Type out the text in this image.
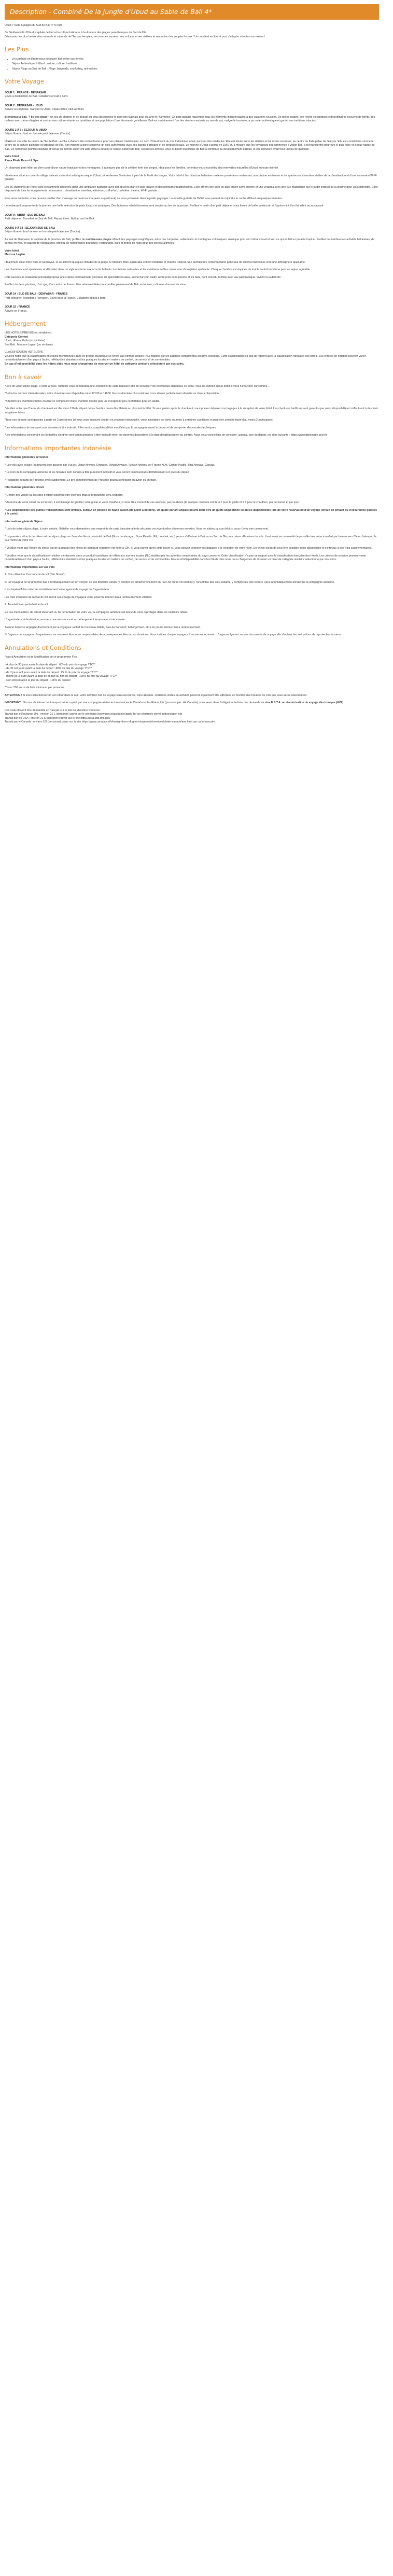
Description - Combiné De la Jungle d'Ubud au Sable de Bali 4*

Ubud 7 nuits & plages du Sud de Bali 4* 5 nuits

De l'Authenticité d'Ubud, capitale de l'art et la culture balinaise à la douceur des plages paradisiaques du Sud de l'île.
Découvrez les plus beaux sites naturels et culturels de l'île, ses temples, ses sources sacrées, ses volcans et ses rizières et rencontrez les peuples locaux ! Un combiné es libérté pour s'adapter à toutes vos envies !

Les Plus
• Un combiné en liberté pour découvrir Bali selon vos envies
• Séjour Authentique à Ubud : nature, culture, traditions
• Séjour Plage au Sud de Bali : Plage, baignade, snorkeling, animations
Votre Voyage
JOUR 1 : FRANCE - DENPASAR

Envol à destination de Bali. Collations et nuit à bord.

JOUR 2 : DENPASAR - UBUD

Arrivée à Denpasar. Transfert à Ubud. Repas libres. Nuit à l'hôtel.

Bienvenue à Bali, "l'île des dieux", un lieu de charme et de beauté où vous découvrirez le goût des Balinais pour les arts et l'harmonie. Ce petit paradis rassemble tous les éléments indispensables à des vacances réussies. De belles plages, des reliefs volcaniques extraordinaires couverts de forêts, des collines aux rizières étagées et surtout une culture vivante au quotidien et une population d'une étonnante gentillesse. Bali est certainement l'un des derniers endroits au monde qui, malgré le tourisme, a pu rester authentique et garder ses traditions intactes.

JOURS 2 À 9 : SEJOUR À UBUD

Séjour libre à Ubud en formule petit déjeuner (7 nuits).

Ubud est une ville du centre de l'île de Bali. La ville a d'abord été un lieu fameux pour ses plantes médicinales. Le nom d'Ubud vient du mot indonésien ubad, qui veut dire médecine. Elle est située entre les rizières et les ravins escarpés, au centre du Kabupaten de Gianyar. Elle est considérée comme le centre de la culture balinaise et artistique de l'île. Son marché a donc conservé un côté authentique avec ses stands d'artisans et de produits locaux. Le marché d'Ubud s'anime en 1960 et, à mesure que les voyageurs ont commencé à visiter Bali, s'est transformé pour être le plus riche et le plus rapide de Bali. De nombreux peintres balinais et venus du monde entier ont aidé Ubud à devenir le centre culturel de Bali. Depuis les années 1960, le boom touristique de Bali a contribué au développement d'Ubud, et elle demeure avant tout un lieu de quiétude.

Votre hôtel
Rama Phala Resort & Spa

Un charmant petit hôtel en plein cœur d'une nature tropicale et des montagnes, à quelques pas de la célèbre forêt des singes. Idéal pour les familles, détendez-vous et profitez des merveilles naturelles d'Ubud en toute intimité.

Idéalement situé au cœur du village balinais culturel et artistique unique d'Ubud, et seulement 5 minutes à pied de la Forêt des singes. Votre hôtel à l'architecture balinaise moderne possède un restaurant, une piscine extérieure et de spacieuses chambres dotées de la climatisation et d'une connexion Wi-Fi gratuite.

Les 36 chambres de l'hôtel sont élégamment décorées dans une ambiance balinaise avec des œuvres d'art en bois locales et des peintures traditionnelles. Elles offrent une salle de bain privée semi-ouverte et une véranda avec une vue magnifique sur le jardin tropical ou la piscine pour vous détendre. Elles disposent de tous les équipements nécessaires : climatisation, mini-bar, télévision, coffre-fort, cafetière, théière, Wi-Fi gratuite...

Pour vous détendre, vous pourrez profiter d'un massage corporel au spa (avec supplément) ou vous promener dans le jardin paysager. La navette gratuite de l'hôtel vous permet de rejoindre le centre d'Ubud en quelques minutes.

Le restaurant propose toute la journée une belle sélection de plats locaux et asiatiques. Des boissons rafraîchissantes sont servies au bar de la piscine. Profitez le matin d'un petit déjeuner sous forme de buffet américain et l'après-midi d'un thé offert au restaurant.

JOUR 9 : UBUD - SUD DE BALI

Petit déjeuner. Transfert au Sud de Bali. Repas libres. Nuit au sud de Bali.

JOURS 9 À 14 : SEJOUR SUD DE BALI

Séjour libre en bord de mer en formule petit-déjeuner (5 nuits).

Au sud de Denpasar, la capitale de la province de Bali, profitez de nombreuses plages offrant des paysages magnifiques, entre mer turquoise, sable blanc et montagnes volcaniques, ainsi que pour son climat chaud et sec, ce qui en fait un paradis tropical. Profitez de nombreuses activités balnéaires, de sorties en ville, en bateau de villégiatures, profitez de nombreuses boutiques, restaurants, bars et boîtes de nuits pour des soirées animées.

Votre hôtel
Mercure Legian

Idéalement situé entre Kuta et Seminyak, et seulement quelques minutes de la plage, le Mercure Bali Legian allie confort moderne et charme tropical. Son architecture contemporaine ponctuée de touches balinaises crée une atmosphère apaisante.

Les chambres sont spacieuses et décorées dans un style moderne aux accents balinais. Les teintes naturelles et les matériaux nobles créent une atmosphère apaisante. Chaque chambre est équipée de tout le confort moderne pour un séjour agréable.

Côté saveurs, le restaurant principal propose une cuisine internationale ponctuée de spécialités locales, servie dans un cadre zébré près de la piscine et les bars, dont celui du rooftop avec vue panoramique, invitent à la détente.

Profitez de deux piscines, d'un spa, d'un centre de fitness. Une adresse idéale pour profiter pleinement de Bali, entre mer, culture et douceur de vivre.

JOUR 14 : SUD DE BALI - DENPASAR - FRANCE

Petit déjeuner. Transfert à l'aéroport. Envol pour la France. Collations et nuit à bord.

JOUR 15 : FRANCE

Arrivée en France.

Hébergement

LES HOTELS PREVUS (ou similaires)
Catégorie Confort
Ubud : Rama Phala (ou similaire)
Sud Bali : Mercure Legian (ou similaire)

CLASSIFICATION HOTELIÈRE
Veuillez noter que la classification en étoiles mentionnées dans ce produit touristique se réfère aux normes locales (NL) établies par les autorités compétentes du pays concerné. Cette classification n'a pas de rapport avec la classification française des hôtels. Les critères de notation peuvent varier considérablement d'un pays à l'autre, reflétant les standards et les pratiques locales en matière de confort, de service et de commodités.
En cas d'indisponibilité dans les hôtels cités nous nous chargerons de réserver un hôtel de catégorie similaire sélectionné par nos soins.

Bon à savoir

*Lors de votre séjour plage, à votre arrivée, l'hôtelier vous demandera une empreinte de carte bancaire afin de sécuriser vos éventuelles dépenses en extra. Vous ne subirez aucun débit si vous n'avez rien consommé...

*Selon les normes internationales, votre chambre sera disponible entre 12h30 et 14h00. En cas d'arrivée plus matinale, vous devrez partiellement attendre sa mise à disposition.

*Attention les chambres triples en Asie se composent d'une chambre double plus un lit d'appoint peu confortable pour un adulte.

*Veuillez noter que l'heure du check-out est d'environ 12h (le départ de la chambre devra être libérée au plus tard à 12h). Si vous partez après le check-out, vous pouvez déposer vos bagages à la réception de votre hôtel. Les check-out tardifs ne sont garantis que selon disponibilité et s'effectuent à des frais supplémentaires.

*Tous nos départs sont garantis à partir de 2 personnes (si vous vous inscrivez seul(e) en chambre individuelle, votre inscription est donc soumise à certaines conditions et peut être annulée faute d'au moins 2 participants).

*Les informations de transport sont données à titre indicatif. Elles sont susceptibles d'être modifiées par la compagnie avant le départ et de comporter des escales techniques.

*Les informations concernant les formalités d'entrée sont communiquées à titre indicatif selon les données disponibles à la date d'établissement du contrat. Nous vous conseillons de consulter, jusqu'au jour du départ, les sites suivants : https://www.diplomatie.gouv.fr

Informations importantes Indonésie

Informations générales aériennes

* Les vols avec escale (s) peuvent être assurés par Eva Air, Qatar Airways, Emirates, Etihad Airways, Turkish Airlines, Air France KLM, Cathay Pacific, Thai Airways, Garuda.

* Le nom de la compagnie aérienne et les horaires sont donnés à titre purement indicatif et vous seront communiqués définitivement à 8 jours du départ

* Possibilité départs de Province avec supplément. Le pré acheminement de Province pourra s'effectuer en avion ou en train.

Informations générales circuit

* L'ordre des visites ou les sites d'intérêt pourront être inversés mais le programme sera respecté.

* Au terme de votre circuit ou excursion, il est d'usage de gratifier votre guide et votre chauffeur, si vous êtes content de ses services, par pourboire (la pratique courante est de 4 € pour le guide et 2 € pour le chauffeur, par personne et par jour).

* Les disponibilités des guides francophones sont limitées, surtout en période de haute saison (de juillet à octobre). Un guide parlant anglais pourra donc être un guide anglophone selon les disponibilités lors de votre réservation d'un voyage (circuit en privatif ou d'excursions guidées à la carte).

Informations générale Séjour

* Lors de votre séjour plage, à votre arrivée, l'hôtelier vous demandera une empreinte de carte bancaire afin de sécuriser vos éventuelles dépenses en extra. Vous ne subirez aucun débit si vous n'avez rien consommé.

* La première et/ou la dernière nuit de séjour plage sur l'axe des îles à proximité de Bali (Nusa Lembongan, Nusa Penida, Gili, Lombok, etc.) pourra s'effectuer à Bali ou au Sud de l'île pour raison d'horaires de vols. Il est aussi recommandé de pas effectuer votre transfert par bateau vers l'île ou l'aéroport le jour même de votre vol.

* Veuillez noter que l'heure du check-out de la plupart des hôtels de standard européen est fixée à 12h. Si vous partez après cette heure-ci, vous pouvez déposer vos bagages à la réception de votre hôtel. Un check-out tardif peut être possible selon disponibilité et s'effectue à des frais supplémentaires.

* Veuillez noter que la classification en étoiles mentionnée dans ce produit touristique se réfère aux normes locales (NL) établies par les autorités compétentes du pays concerné. Cette classification n'a pas de rapport avec la classification française des hôtels. Les critères de notation peuvent varier considérablement d'un pays à l'autre, reflétant les standards et les pratiques locales en matière de confort, de service et de commodités. En cas d'indisponibilité dans les hôtels cités nous nous chargerons de réserver un hôtel de catégorie similaire sélectionné par nos soins.

Informations importantes sur vos vols

1. Non utilisation d'un tronçon de vol ("No Show")

Si un voyageur ne se présente pas à l'embarquement sur un tronçon de son itinéraire aérien (y compris un préacheminement en TGV Air ou un vol intérieur), l'ensemble des vols restants, y compris les vols retours, sera automatiquement annulé par la compagnie aérienne.

Il est impératif d'en informer immédiatement votre agence de voyage ou l'organisateur.

Les frais éventuels de rachat de vol seront à la charge du voyageur et ne pourront donner lieu à remboursement ultérieur.

2. Annulation ou perturbation de vol

En cas d'annulation, de retard important ou de perturbation de votre vol, la compagnie aérienne est tenue de vous reprotéger dans les meilleurs délais.

L'organisateur, à destination, assurera une assistance et un hébergement temporaire si nécessaire.

Aucune dépense engagée directement par le voyageur (achat de nouveaux billets, frais de transport, hébergement, etc.) ne pourra donner lieu à remboursement.

Si l'agence de voyage ou l'organisateur ne sauraient être tenus responsables des conséquences liées à ces situations. Nous invitons chaque voyageur à conserver le numéro d'urgence figurant sur ses documents de voyage afin d'obtenir les instructions de reprotection à suivre.

Annulations et Conditions

Frais d'Annulation et de Modification de ce programme Fixe :

- A plus de 30 jours avant la date de départ : 60% du prix du voyage TTC**
- de 30 à 8 jours avant la date de départ : 80% du prix du voyage TTC**
- de 7 jours à 3 jours avant la date de départ : 95 % du prix du voyage TTC**
- moins de 3 jours avant la date de départ ou non de départ : 100% du prix du voyage TTC**
- Non présentation le jour du départ : 100% du dossier

**avec 250 euros de frais minimum par personne

ATTENTION ! Si vous sélectionnez un vol retour dans la nuit, votre dernière nuit de voyage sera raccourcie, voire absente. Certaines visites ou activités pourront également être affectées en fonction des horaires de vols que vous aurez sélectionnés.

IMPORTANT ! Si vous choisissez un transport aérien opéré par une compagnie aérienne transitant via le Canada ou les États-Unis (par exemple : Air Canada), vous serez dans l'obligation de faire une demande de visa E.S.T.A. ou d'autorisation de voyage électronique (AVE).

Ces visas doivent être demandés en français sur le site du Ministère concerné :
Transit par le Royaume Uni : environ 21 £ (personne) payer sur le site https://www.gov.uk/guidance/apply-for-an-electronic-travel-authorisation-eta
Transit par les USA : environ 21 $ (personne) payer sur le site https://esta.cbp.dhs.gov/
Transit par le Canada : environ 5 $ (personne) payer sur le site https://www.canada.ca/fr/immigration-refugies-citoyennete/services/visiter-canada/ave.html par carte bancaire.
